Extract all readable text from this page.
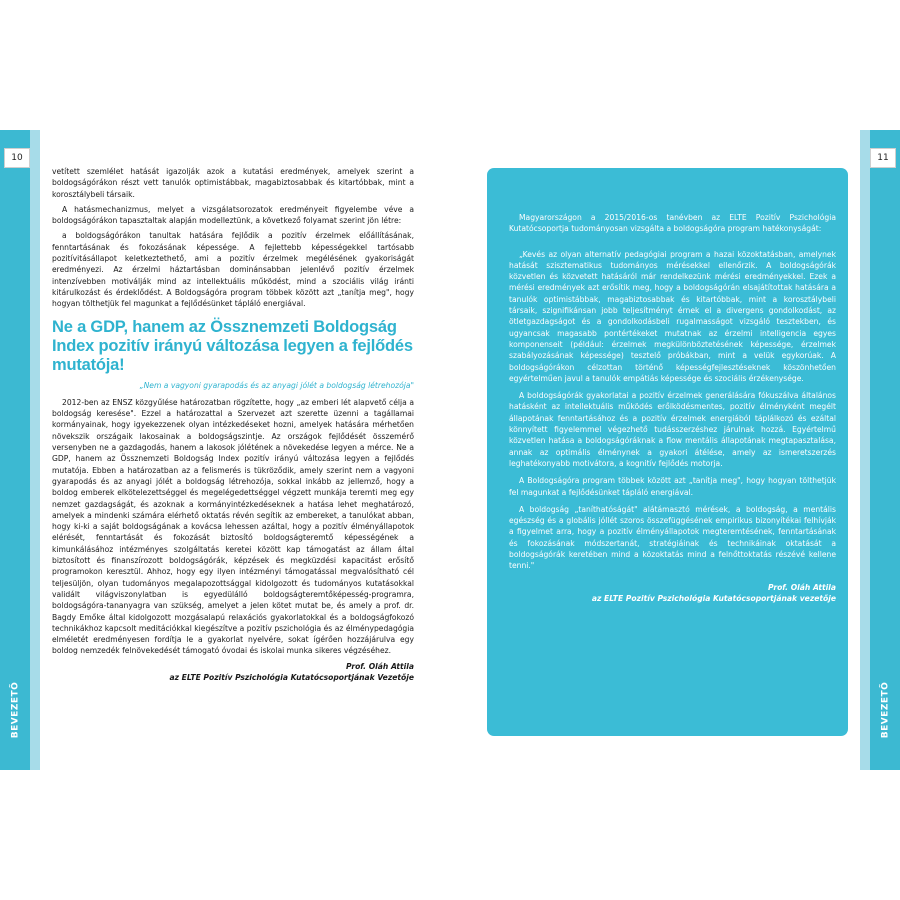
10
BEVEZETŐ
11
BEVEZETŐ

vetített szemlélet hatását igazolják azok a kutatási eredmények, amelyek szerint a boldogságórákon részt vett tanulók optimistábbak, magabiztosabbak és kitartóbbak, mint a korosztálybeli társaik.

A hatásmechanizmus, melyet a vizsgálatsorozatok eredményeit figyelembe véve a boldogságórákon tapasztaltak alapján modelleztünk, a következő folyamat szerint jön létre:

a boldogságórákon tanultak hatására fejlődik a pozitív érzelmek előállításának, fenntartásának és fokozásának képessége. A fejlettebb képességekkel tartósabb pozitívitásállapot keletkeztethető, ami a pozitív érzelmek megélésének gyakoriságát eredményezi. Az érzelmi háztartásban dominánsabban jelenlévő pozitív érzelmek intenzívebben motiválják mind az intellektuális működést, mind a szociális világ iránti kitárulkozást és érdeklődést. A Boldogságóra program többek között azt „tanítja meg", hogy hogyan tölthetjük fel magunkat a fejlődésünket tápláló energiával.

Ne a GDP, hanem az Össznemzeti Boldogság Index pozitív irányú változása legyen a fejlődés mutatója!
„Nem a vagyoni gyarapodás és az anyagi jólét a boldogság létrehozója"

2012-ben az ENSZ közgyűlése határozatban rögzítette, hogy „az emberi lét alapvető célja a boldogság keresése". Ezzel a határozattal a Szervezet azt szerette üzenni a tagállamai kormányainak, hogy igyekezzenek olyan intézkedéseket hozni, amelyek hatására mérhetően növekszik országaik lakosainak a boldogságszintje. Az országok fejlődését összemérő versenyben ne a gazdagodás, hanem a lakosok jólétének a növekedése legyen a mérce. Ne a GDP, hanem az Össznemzeti Boldogság Index pozitív irányú változása legyen a fejlődés mutatója. Ebben a határozatban az a felismerés is tükröződik, amely szerint nem a vagyoni gyarapodás és az anyagi jólét a boldogság létrehozója, sokkal inkább az jellemző, hogy a boldog emberek elkötelezettséggel és megelégedettséggel végzett munkája teremti meg egy nemzet gazdagságát, és azoknak a kormányintézkedéseknek a hatása lehet meghatározó, amelyek a mindenki számára elérhető oktatás révén segítik az embereket, a tanulókat abban, hogy ki-ki a saját boldogságának a kovácsa lehessen azáltal, hogy a pozitív élményállapotok elérését, fenntartását és fokozását biztosító boldogságteremtő képességének a kimunkálásához intézményes szolgáltatás keretei között kap támogatást az állam által biztosított és finanszírozott boldogságórák, képzések és megküzdési kapacitást erősítő programokon keresztül. Ahhoz, hogy egy ilyen intézményi támogatással megvalósítható cél teljesüljön, olyan tudományos megalapozottsággal kidolgozott és tudományos kutatásokkal validált világviszonylatban is egyedülálló boldogságteremtőképesség-programra, boldogságóra-tananyagra van szükség, amelyet a jelen kötet mutat be, és amely a prof. dr. Bagdy Emőke által kidolgozott mozgásalapú relaxációs gyakorlatokkal és a boldogságfokozó technikákhoz kapcsolt meditációkkal kiegészítve a pozitív pszichológia és az élménypedagógia elméletét eredményesen fordítja le a gyakorlat nyelvére, sokat ígérően hozzájárulva egy boldog nemzedék felnövekedését támogató óvodai és iskolai munka sikeres végzéséhez.

Prof. Oláh Attila
az ELTE Pozitív Pszichológia Kutatócsoportjának Vezetője

Magyarországon a 2015/2016-os tanévben az ELTE Pozitív Pszichológia Kutatócsoportja tudományosan vizsgálta a boldogságóra program hatékonyságát:

„Kevés az olyan alternatív pedagógiai program a hazai közoktatásban, amelynek hatását szisztematikus tudományos mérésekkel ellenőrzik. A boldogságórák közvetlen és közvetett hatásáról már rendelkezünk mérési eredményekkel. Ezek a mérési eredmények azt erősítik meg, hogy a boldogságórán elsajátítottak hatására a tanulók optimistábbak, magabiztosabbak és kitartóbbak, mint a korosztálybeli társaik, szignifikánsan jobb teljesítményt érnek el a divergens gondolkodást, az ötletgazdagságot és a gondolkodásbeli rugalmasságot vizsgáló tesztekben, és ugyancsak magasabb pontértékeket mutatnak az érzelmi intelligencia egyes komponenseit (például: érzelmek megkülönböztetésének képessége, érzelmek szabályozásának képessége) tesztelő próbákban, mint a velük egykorúak. A boldogságórákon célzottan történő képességfejlesztéseknek köszönhetően egyértelműen javul a tanulók empátiás képessége és szociális érzékenysége.

A boldogságórák gyakorlatai a pozitív érzelmek generálására fókuszálva általános hatásként az intellektuális működés erőlködésmentes, pozitív élményként megélt állapotának fenntartásához és a pozitív érzelmek energiából táplálkozó és ezáltal könnyített figyelemmel végezhető tudásszerzéshez járulnak hozzá. Egyértelmű közvetlen hatása a boldogságóráknak a flow mentális állapotának megtapasztalása, annak az optimális élménynek a gyakori átélése, amely az ismeretszerzés leghatékonyabb motivátora, a kognitív fejlődés motorja.

A Boldogságóra program többek között azt „tanítja meg", hogy hogyan tölthetjük fel magunkat a fejlődésünket tápláló energiával.

A boldogság „taníthatóságát" alátámasztó mérések, a boldogság, a mentális egészség és a globális jóllét szoros összefüggésének empirikus bizonyítékai felhívják a figyelmet arra, hogy a pozitív élményállapotok megteremtésének, fenntartásának és fokozásának módszertanát, stratégiáinak és technikáinak oktatását a boldogságórák keretében mind a közoktatás mind a felnőttoktatás részévé kellene tenni."

Prof. Oláh Attila
az ELTE Pozitív Pszichológia Kutatócsoportjának vezetője
